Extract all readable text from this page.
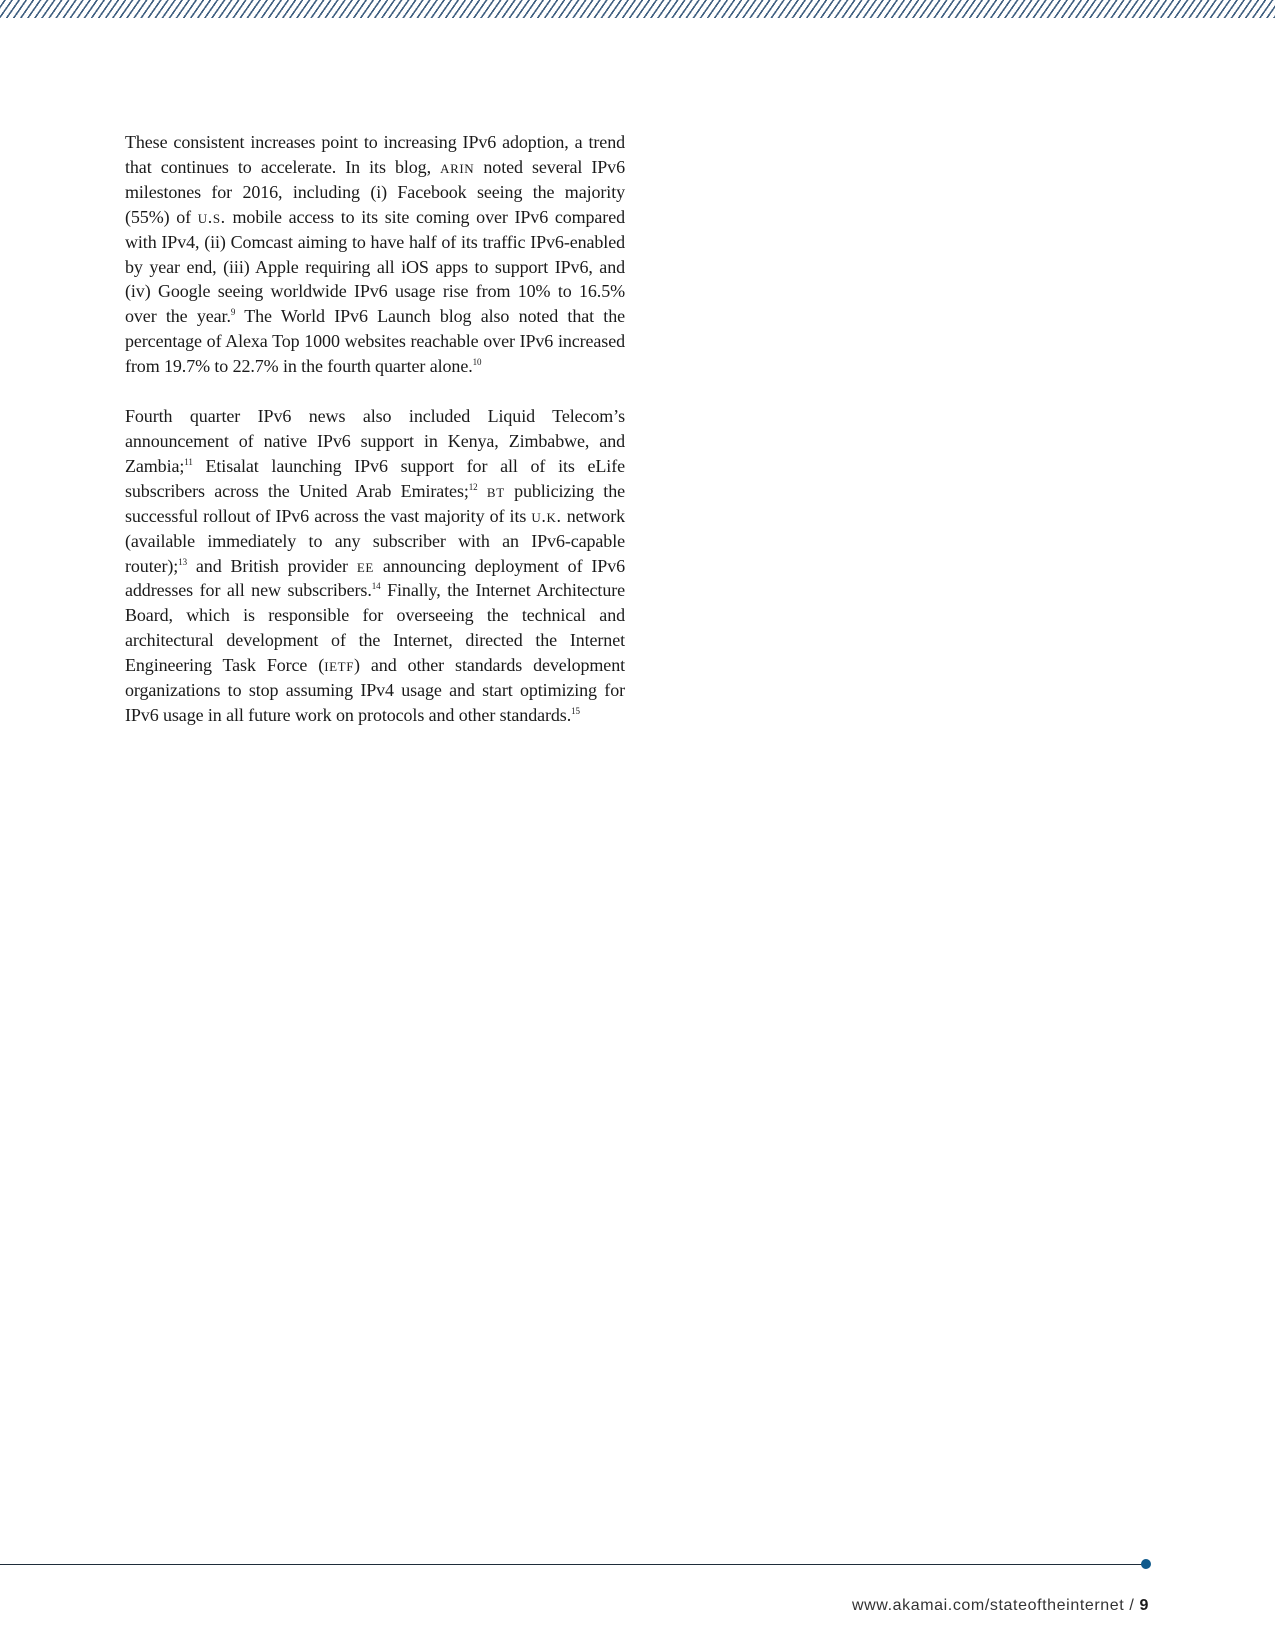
These consistent increases point to increasing IPv6 adoption, a trend that continues to accelerate. In its blog, arin noted several IPv6 milestones for 2016, including (i) Facebook seeing the majority (55%) of u.s. mobile access to its site coming over IPv6 compared with IPv4, (ii) Comcast aiming to have half of its traffic IPv6-enabled by year end, (iii) Apple requiring all iOS apps to support IPv6, and (iv) Google seeing worldwide IPv6 usage rise from 10% to 16.5% over the year.$^9$ The World IPv6 Launch blog also noted that the percentage of Alexa Top 1000 websites reachable over IPv6 increased from 19.7% to 22.7% in the fourth quarter alone.$^{10}$

Fourth quarter IPv6 news also included Liquid Telecom’s announcement of native IPv6 support in Kenya, Zimbabwe, and Zambia;$^{11}$ Etisalat launching IPv6 support for all of its eLife subscribers across the United Arab Emirates;$^{12}$ bt publicizing the successful rollout of IPv6 across the vast majority of its u.k. network (available immediately to any subscriber with an IPv6-capable router);$^{13}$ and British provider ee announcing deployment of IPv6 addresses for all new subscribers.$^{14}$ Finally, the Internet Architecture Board, which is responsible for overseeing the technical and architectural development of the Internet, directed the Internet Engineering Task Force (ietf) and other standards development organizations to stop assuming IPv4 usage and start optimizing for IPv6 usage in all future work on protocols and other standards.$^{15}$

www.akamai.com/stateoftheinternet / 9
